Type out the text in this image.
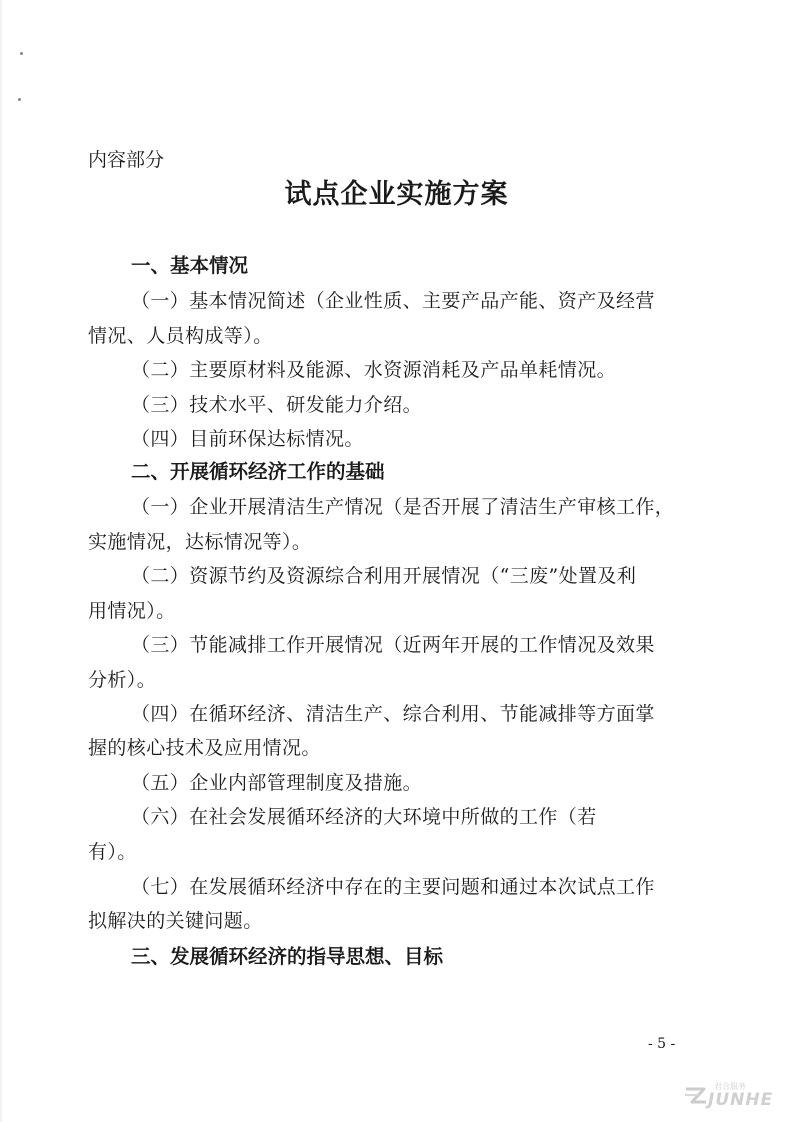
内容部分
试点企业实施方案
一、基本情况
（一）基本情况简述（企业性质、主要产品产能、资产及经营
情况、人员构成等）。
（二）主要原材料及能源、水资源消耗及产品单耗情况。
（三）技术水平、研发能力介绍。
（四）目前环保达标情况。
二、开展循环经济工作的基础
（一）企业开展清洁生产情况（是否开展了清洁生产审核工作，
实施情况，达标情况等）。
（二）资源节约及资源综合利用开展情况（“三废”处置及利
用情况）。
（三）节能减排工作开展情况（近两年开展的工作情况及效果
分析）。
（四）在循环经济、清洁生产、综合利用、节能减排等方面掌
握的核心技术及应用情况。
（五）企业内部管理制度及措施。
（六）在社会发展循环经济的大环境中所做的工作（若
有）。
（七）在发展循环经济中存在的主要问题和通过本次试点工作
拟解决的关键问题。
三、发展循环经济的指导思想、目标
- 5 -
君合服务
JUNHE
